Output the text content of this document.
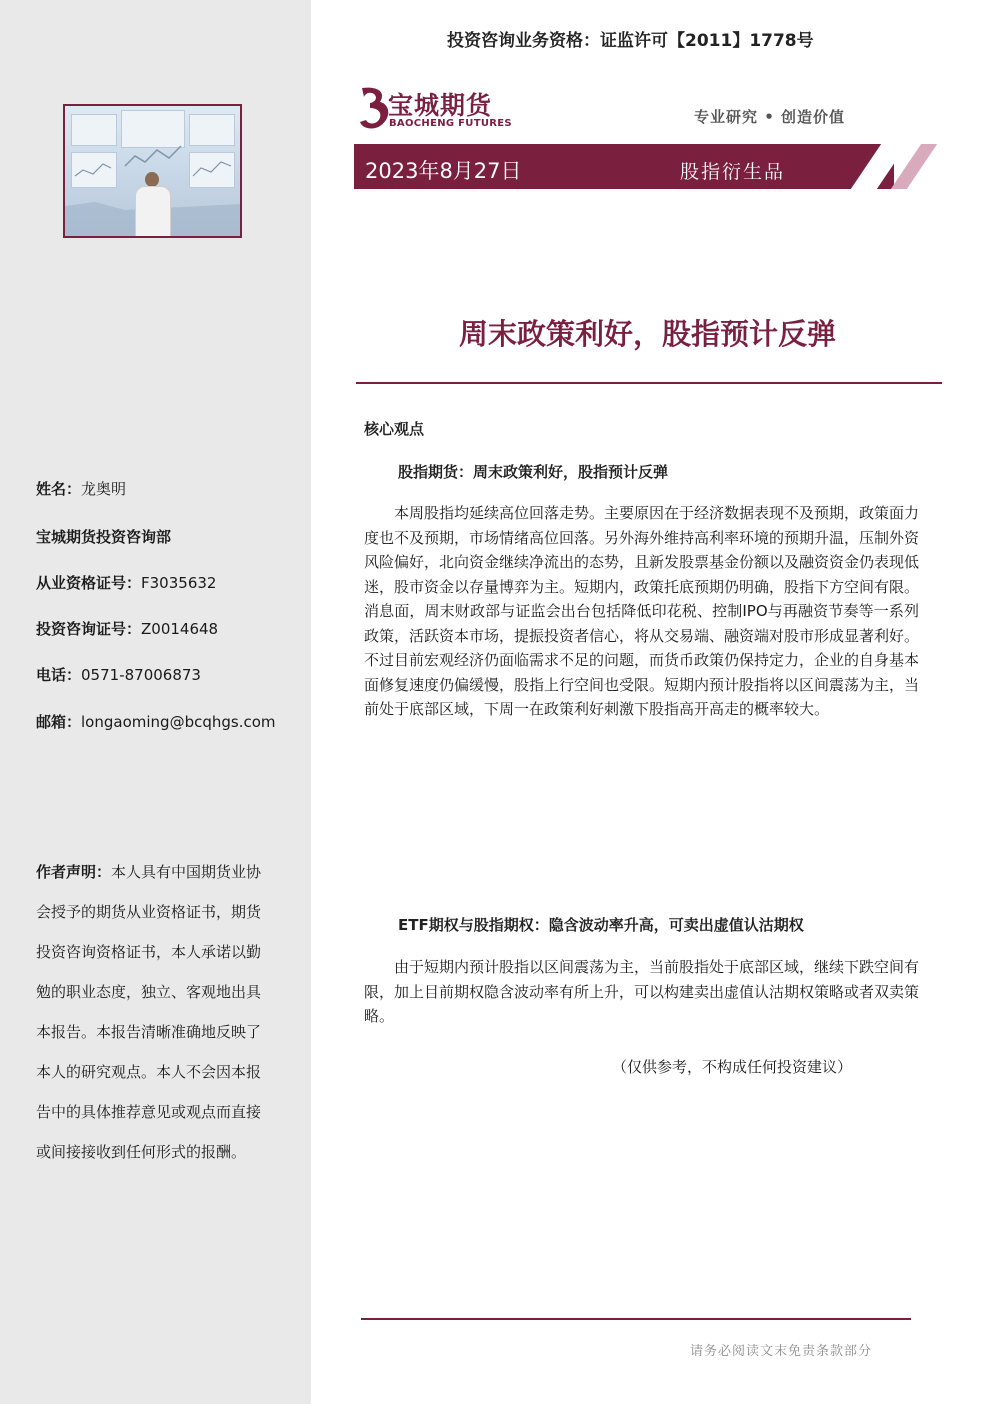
姓名：龙奥明
宝城期货投资咨询部
从业资格证号：F3035632
投资咨询证号：Z0014648
电话：0571-87006873
邮箱：longaoming@bcqhgs.com
作者声明：本人具有中国期货业协会授予的期货从业资格证书，期货投资咨询资格证书，本人承诺以勤勉的职业态度，独立、客观地出具本报告。本报告清晰准确地反映了本人的研究观点。本人不会因本报告中的具体推荐意见或观点而直接或间接接收到任何形式的报酬。
投资咨询业务资格：证监许可【2011】1778号
宝城期货
BAOCHENG FUTURES	专业研究 • 创造价值
2023年8月27日	股指衍生品
周末政策利好，股指预计反弹
核心观点
股指期货：周末政策利好，股指预计反弹

本周股指均延续高位回落走势。主要原因在于经济数据表现不及预期，政策面力度也不及预期，市场情绪高位回落。另外海外维持高利率环境的预期升温，压制外资风险偏好，北向资金继续净流出的态势，且新发股票基金份额以及融资资金仍表现低迷，股市资金以存量博弈为主。短期内，政策托底预期仍明确，股指下方空间有限。消息面，周末财政部与证监会出台包括降低印花税、控制IPO与再融资节奏等一系列政策，活跃资本市场，提振投资者信心，将从交易端、融资端对股市形成显著利好。不过目前宏观经济仍面临需求不足的问题，而货币政策仍保持定力，企业的自身基本面修复速度仍偏缓慢，股指上行空间也受限。短期内预计股指将以区间震荡为主，当前处于底部区域，下周一在政策利好刺激下股指高开高走的概率较大。

ETF期权与股指期权：隐含波动率升高，可卖出虚值认沽期权

由于短期内预计股指以区间震荡为主，当前股指处于底部区域，继续下跌空间有限，加上目前期权隐含波动率有所上升，可以构建卖出虚值认沽期权策略或者双卖策略。

（仅供参考，不构成任何投资建议）
请务必阅读文末免责条款部分
